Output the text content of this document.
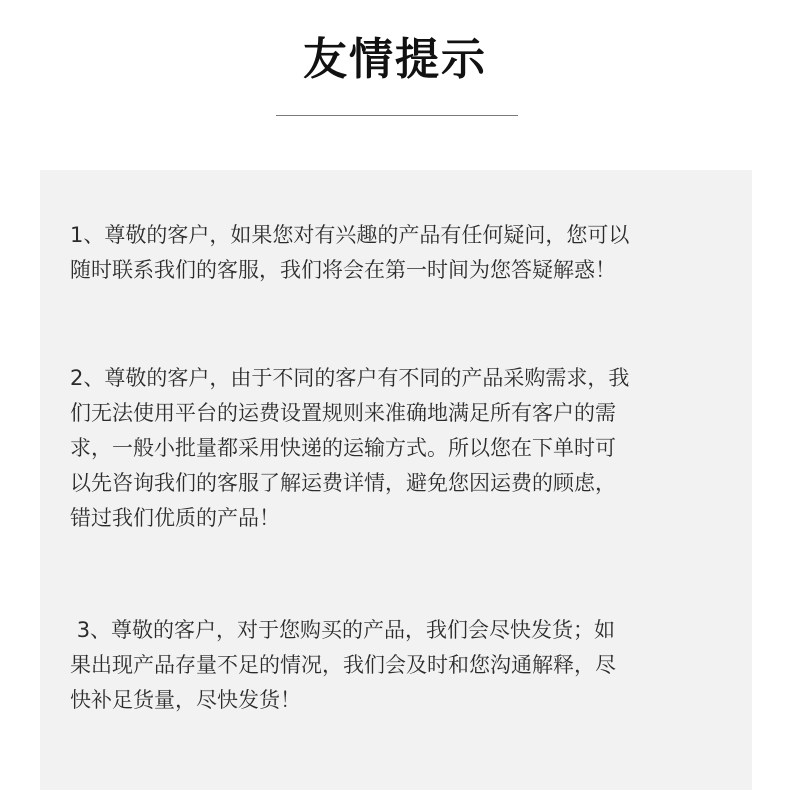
友情提示
1、尊敬的客户，如果您对有兴趣的产品有任何疑问，您可以
随时联系我们的客服，我们将会在第一时间为您答疑解惑！
2、尊敬的客户，由于不同的客户有不同的产品采购需求，我
们无法使用平台的运费设置规则来准确地满足所有客户的需
求，一般小批量都采用快递的运输方式。所以您在下单时可
以先咨询我们的客服了解运费详情，避免您因运费的顾虑，
错过我们优质的产品！
3、尊敬的客户，对于您购买的产品，我们会尽快发货；如
果出现产品存量不足的情况，我们会及时和您沟通解释，尽
快补足货量，尽快发货！
